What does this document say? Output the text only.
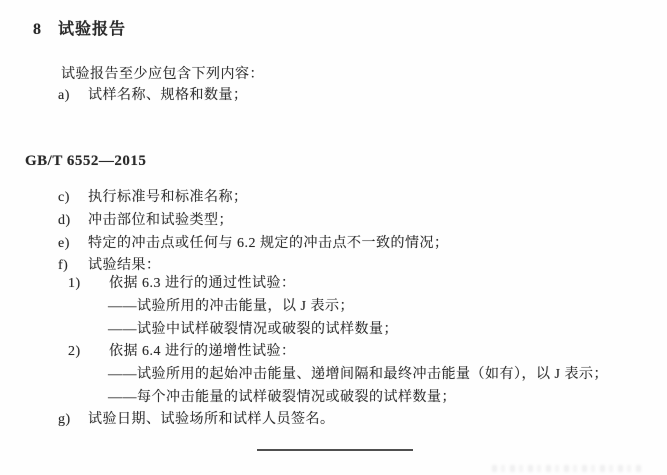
8 试验报告
试验报告至少应包含下列内容：
a) 试样名称、规格和数量；
GB/T 6552—2015
c) 执行标准号和标准名称；
d) 冲击部位和试验类型；
e) 特定的冲击点或任何与 6.2 规定的冲击点不一致的情况；
f) 试验结果：
1) 依据 6.3 进行的通过性试验：
——试验所用的冲击能量，以 J 表示；
——试验中试样破裂情况或破裂的试样数量；
2) 依据 6.4 进行的递增性试验：
——试验所用的起始冲击能量、递增间隔和最终冲击能量（如有），以 J 表示；
——每个冲击能量的试样破裂情况或破裂的试样数量；
g) 试验日期、试验场所和试样人员签名。
